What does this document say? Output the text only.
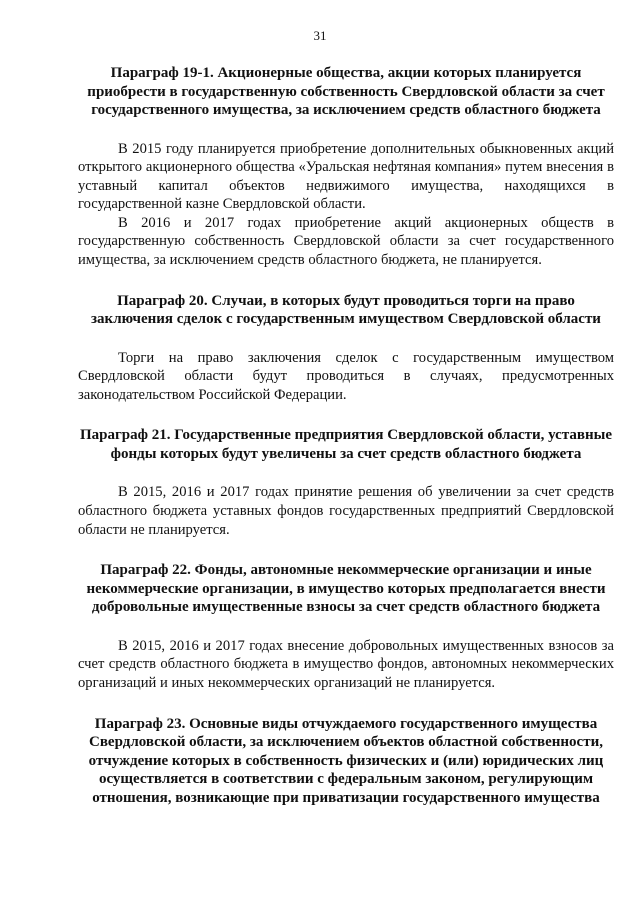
31

Параграф 19-1. Акционерные общества, акции которых планируется приобрести в государственную собственность Свердловской области за счет государственного имущества, за исключением средств областного бюджета

В 2015 году планируется приобретение дополнительных обыкновенных акций открытого акционерного общества «Уральская нефтяная компания» путем внесения в уставный капитал объектов недвижимого имущества, находящихся в государственной казне Свердловской области.

В 2016 и 2017 годах приобретение акций акционерных обществ в государственную собственность Свердловской области за счет государственного имущества, за исключением средств областного бюджета, не планируется.

Параграф 20. Случаи, в которых будут проводиться торги на право заключения сделок с государственным имуществом Свердловской области

Торги на право заключения сделок с государственным имуществом Свердловской области будут проводиться в случаях, предусмотренных законодательством Российской Федерации.

Параграф 21. Государственные предприятия Свердловской области, уставные фонды которых будут увеличены за счет средств областного бюджета

В 2015, 2016 и 2017 годах принятие решения об увеличении за счет средств областного бюджета уставных фондов государственных предприятий Свердловской области не планируется.

Параграф 22. Фонды, автономные некоммерческие организации и иные некоммерческие организации, в имущество которых предполагается внести добровольные имущественные взносы за счет средств областного бюджета

В 2015, 2016 и 2017 годах внесение добровольных имущественных взносов за счет средств областного бюджета в имущество фондов, автономных некоммерческих организаций и иных некоммерческих организаций не планируется.

Параграф 23. Основные виды отчуждаемого государственного имущества Свердловской области, за исключением объектов областной собственности, отчуждение которых в собственность физических и (или) юридических лиц осуществляется в соответствии с федеральным законом, регулирующим отношения, возникающие при приватизации государственного имущества
